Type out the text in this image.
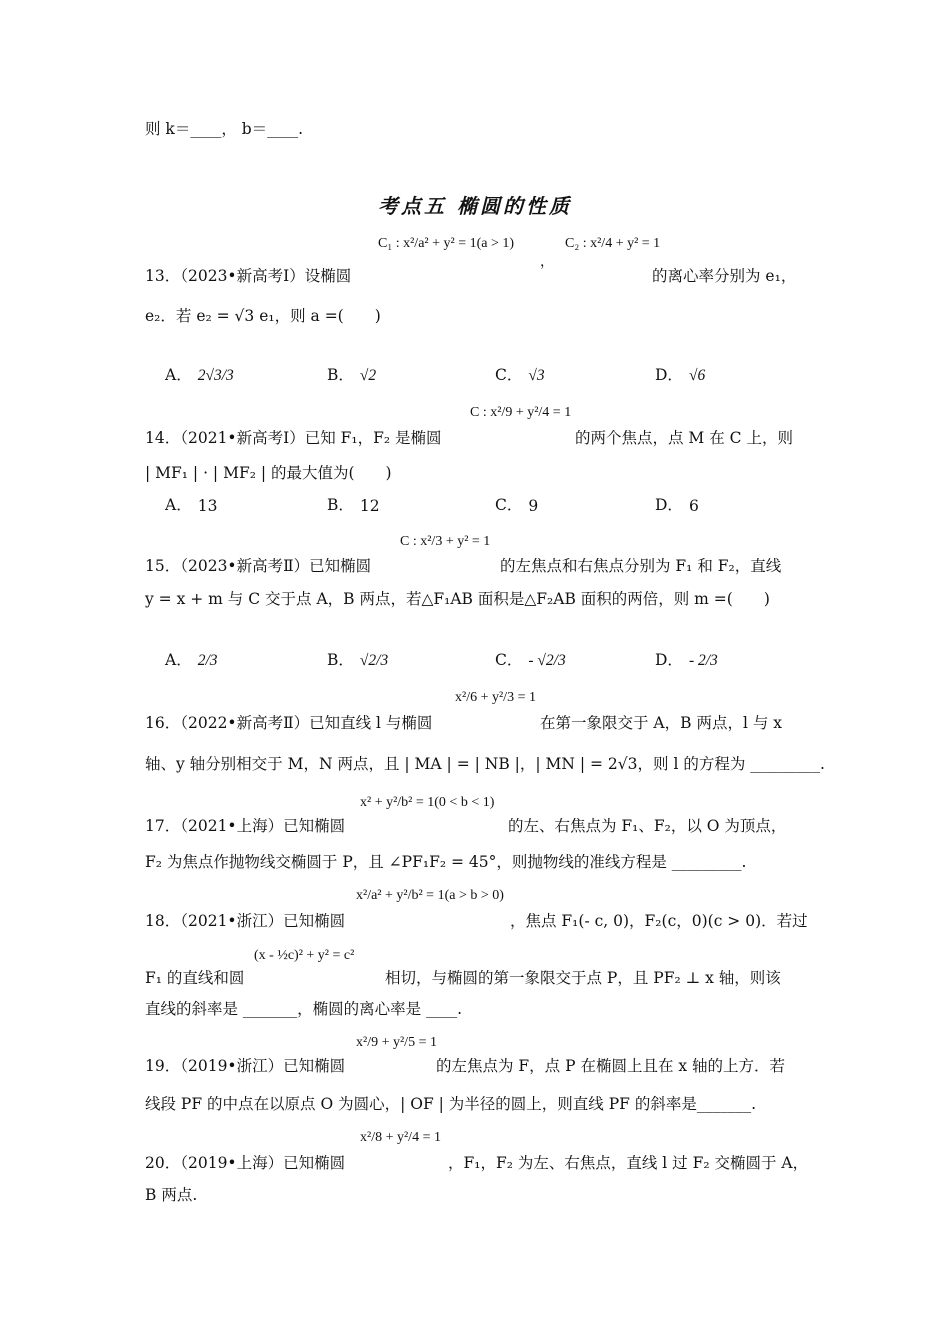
则 k＝____， b＝____.
考点五 椭圆的性质
C₁ : x²/a² + y² = 1(a > 1)
，
C₂ : x²/4 + y² = 1
13．（2023•新高考Ⅰ）设椭圆	的离心率分别为 e₁，
e₂．若 e₂ = √3 e₁，则 a =(　　)
A． 2√3/3	B． √2	C． √3	D． √6
C : x²/9 + y²/4 = 1
14．（2021•新高考Ⅰ）已知 F₁，F₂ 是椭圆	的两个焦点，点 M 在 C 上，则
| MF₁ | · | MF₂ | 的最大值为(　　)
A． 13	B． 12	C． 9	D． 6
C : x²/3 + y² = 1
15．（2023•新高考Ⅱ）已知椭圆	的左焦点和右焦点分别为 F₁ 和 F₂，直线
y = x + m 与 C 交于点 A，B 两点，若△F₁AB 面积是△F₂AB 面积的两倍，则 m =(　　)
A． 2/3	B． √2/3	C． - √2/3	D． - 2/3
x²/6 + y²/3 = 1
16．（2022•新高考Ⅱ）已知直线 l 与椭圆	在第一象限交于 A，B 两点，l 与 x
轴、y 轴分别相交于 M，N 两点，且 | MA | = | NB |，| MN | = 2√3，则 l 的方程为 _________.
x² + y²/b² = 1(0 < b < 1)
17．（2021•上海）已知椭圆	的左、右焦点为 F₁、F₂，以 O 为顶点，
F₂ 为焦点作抛物线交椭圆于 P，且 ∠PF₁F₂ = 45°，则抛物线的准线方程是 _________.
x²/a² + y²/b² = 1(a > b > 0)
18．（2021•浙江）已知椭圆	，焦点 F₁(- c, 0)，F₂(c，0)(c > 0)．若过
F₁ 的直线和圆
(x - ½c)² + y² = c²
相切，与椭圆的第一象限交于点 P，且 PF₂ ⊥ x 轴，则该
直线的斜率是 _______，椭圆的离心率是 ____.
x²/9 + y²/5 = 1
19．（2019•浙江）已知椭圆	的左焦点为 F，点 P 在椭圆上且在 x 轴的上方．若
线段 PF 的中点在以原点 O 为圆心，| OF | 为半径的圆上，则直线 PF 的斜率是_______.
x²/8 + y²/4 = 1
20．（2019•上海）已知椭圆	，F₁，F₂ 为左、右焦点，直线 l 过 F₂ 交椭圆于 A，
B 两点.
